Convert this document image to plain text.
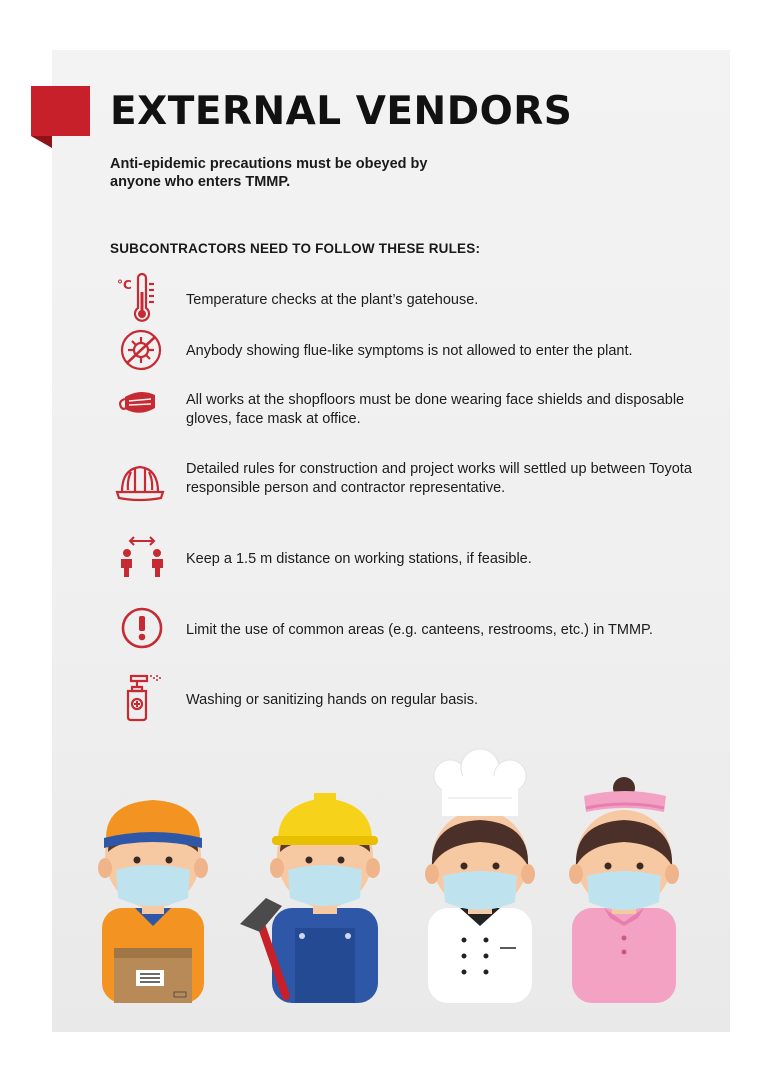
EXTERNAL VENDORS

Anti-epidemic precautions must be obeyed by anyone who enters TMMP.

SUBCONTRACTORS NEED TO FOLLOW THESE RULES:

°C

Temperature checks at the plant’s gatehouse.

Anybody showing flue-like symptoms is not allowed to enter the plant.

All works at the shopfloors must be done wearing face shields and disposable gloves, face mask at office.

Detailed rules for construction and project works will settled up between Toyota responsible person and contractor representative.

Keep a 1.5 m distance on working stations, if feasible.

Limit the use of common areas (e.g. canteens, restrooms, etc.) in TMMP.

Washing or sanitizing hands on regular basis.
